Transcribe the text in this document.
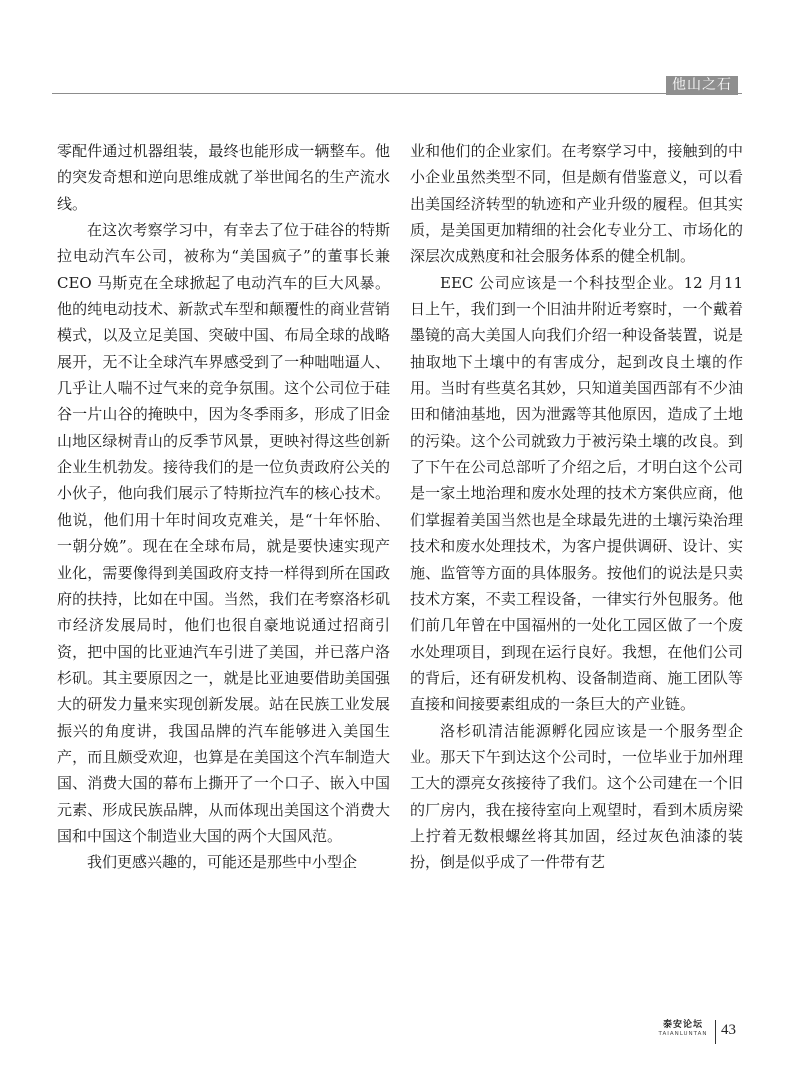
他山之石

零配件通过机器组装，最终也能形成一辆整车。他的突发奇想和逆向思维成就了举世闻名的生产流水线。

在这次考察学习中，有幸去了位于硅谷的特斯拉电动汽车公司，被称为“美国疯子”的董事长兼 CEO 马斯克在全球掀起了电动汽车的巨大风暴。他的纯电动技术、新款式车型和颠覆性的商业营销模式，以及立足美国、突破中国、布局全球的战略展开，无不让全球汽车界感受到了一种咄咄逼人、几乎让人喘不过气来的竞争氛围。这个公司位于硅谷一片山谷的掩映中，因为冬季雨多，形成了旧金山地区绿树青山的反季节风景，更映衬得这些创新企业生机勃发。接待我们的是一位负责政府公关的小伙子，他向我们展示了特斯拉汽车的核心技术。他说，他们用十年时间攻克难关，是“十年怀胎、一朝分娩”。现在在全球布局，就是要快速实现产业化，需要像得到美国政府支持一样得到所在国政府的扶持，比如在中国。当然，我们在考察洛杉矶市经济发展局时，他们也很自豪地说通过招商引资，把中国的比亚迪汽车引进了美国，并已落户洛杉矶。其主要原因之一，就是比亚迪要借助美国强大的研发力量来实现创新发展。站在民族工业发展振兴的角度讲，我国品牌的汽车能够进入美国生产，而且颇受欢迎，也算是在美国这个汽车制造大国、消费大国的幕布上撕开了一个口子、嵌入中国元素、形成民族品牌，从而体现出美国这个消费大国和中国这个制造业大国的两个大国风范。

我们更感兴趣的，可能还是那些中小型企

业和他们的企业家们。在考察学习中，接触到的中小企业虽然类型不同，但是颇有借鉴意义，可以看出美国经济转型的轨迹和产业升级的履程。但其实质，是美国更加精细的社会化专业分工、市场化的深层次成熟度和社会服务体系的健全机制。

EEC 公司应该是一个科技型企业。12 月11 日上午，我们到一个旧油井附近考察时，一个戴着墨镜的高大美国人向我们介绍一种设备装置，说是抽取地下土壤中的有害成分，起到改良土壤的作用。当时有些莫名其妙，只知道美国西部有不少油田和储油基地，因为泄露等其他原因，造成了土地的污染。这个公司就致力于被污染土壤的改良。到了下午在公司总部听了介绍之后，才明白这个公司是一家土地治理和废水处理的技术方案供应商，他们掌握着美国当然也是全球最先进的土壤污染治理技术和废水处理技术，为客户提供调研、设计、实施、监管等方面的具体服务。按他们的说法是只卖技术方案，不卖工程设备，一律实行外包服务。他们前几年曾在中国福州的一处化工园区做了一个废水处理项目，到现在运行良好。我想，在他们公司的背后，还有研发机构、设备制造商、施工团队等直接和间接要素组成的一条巨大的产业链。

洛杉矶清洁能源孵化园应该是一个服务型企业。那天下午到达这个公司时，一位毕业于加州理工大的漂亮女孩接待了我们。这个公司建在一个旧的厂房内，我在接待室向上观望时，看到木质房梁上拧着无数根螺丝将其加固，经过灰色油漆的装扮，倒是似乎成了一件带有艺

泰安论坛
TAIANLUNTAN 43
